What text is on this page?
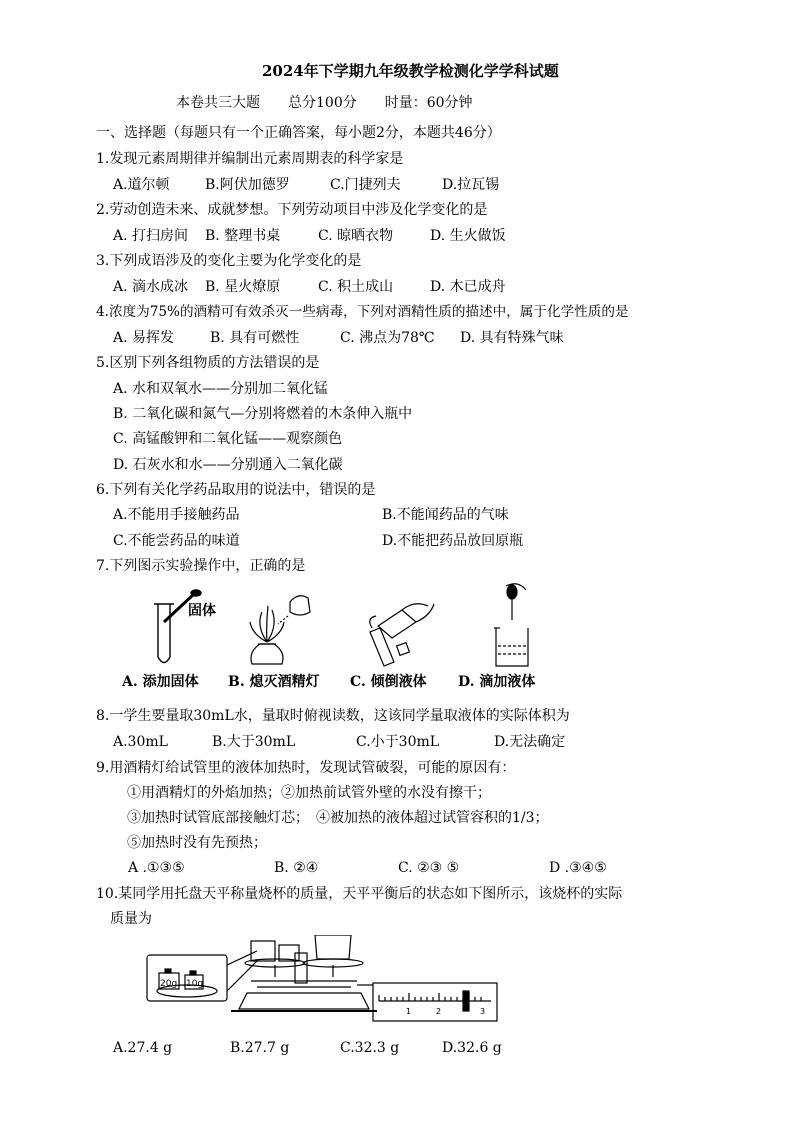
2024年下学期九年级教学检测化学学科试题
本卷共三大题　　总分100分　　时量：60分钟
一、选择题（每题只有一个正确答案，每小题2分，本题共46分）
1.发现元素周期律并编制出元素周期表的科学家是
A.道尔顿	B.阿伏加德罗	C.门捷列夫	D.拉瓦锡
2.劳动创造未来、成就梦想。下列劳动项目中涉及化学变化的是
A. 打扫房间 B. 整理书桌	C. 晾晒衣物	D. 生火做饭
3.下列成语涉及的变化主要为化学变化的是
A. 滴水成冰 B. 星火燎原	C. 积土成山	D. 木已成舟
4.浓度为75%的酒精可有效杀灭一些病毒，下列对酒精性质的描述中，属于化学性质的是
A. 易挥发	B. 具有可燃性	C. 沸点为78℃ D. 具有特殊气味
5.区别下列各组物质的方法错误的是
A. 水和双氧水——分别加二氧化锰
B. 二氧化碳和氮气—分别将燃着的木条伸入瓶中
C. 高锰酸钾和二氧化锰——观察颜色
D. 石灰水和水——分别通入二氧化碳
6.下列有关化学药品取用的说法中，错误的是
A.不能用手接触药品	B.不能闻药品的气味
C.不能尝药品的味道	D.不能把药品放回原瓶
7.下列图示实验操作中，正确的是
固体
A. 添加固体 B. 熄灭酒精灯 C. 倾倒液体 D. 滴加液体
8.一学生要量取30mL水，量取时俯视读数，这该同学量取液体的实际体积为
A.30mL	B.大于30mL	C.小于30mL	D.无法确定
9.用酒精灯给试管里的液体加热时，发现试管破裂，可能的原因有：
①用酒精灯的外焰加热；②加热前试管外壁的水没有擦干；
③加热时试管底部接触灯芯；　④被加热的液体超过试管容积的1/3；
⑤加热时没有先预热；
A .①③⑤	B. ②④	C. ②③ ⑤	D .③④⑤
10.某同学用托盘天平称量烧杯的质量，天平平衡后的状态如下图所示，该烧杯的实际
质量为
20g 10g
1	2	3
A.27.4 g	B.27.7 g	C.32.3 g	D.32.6 g
